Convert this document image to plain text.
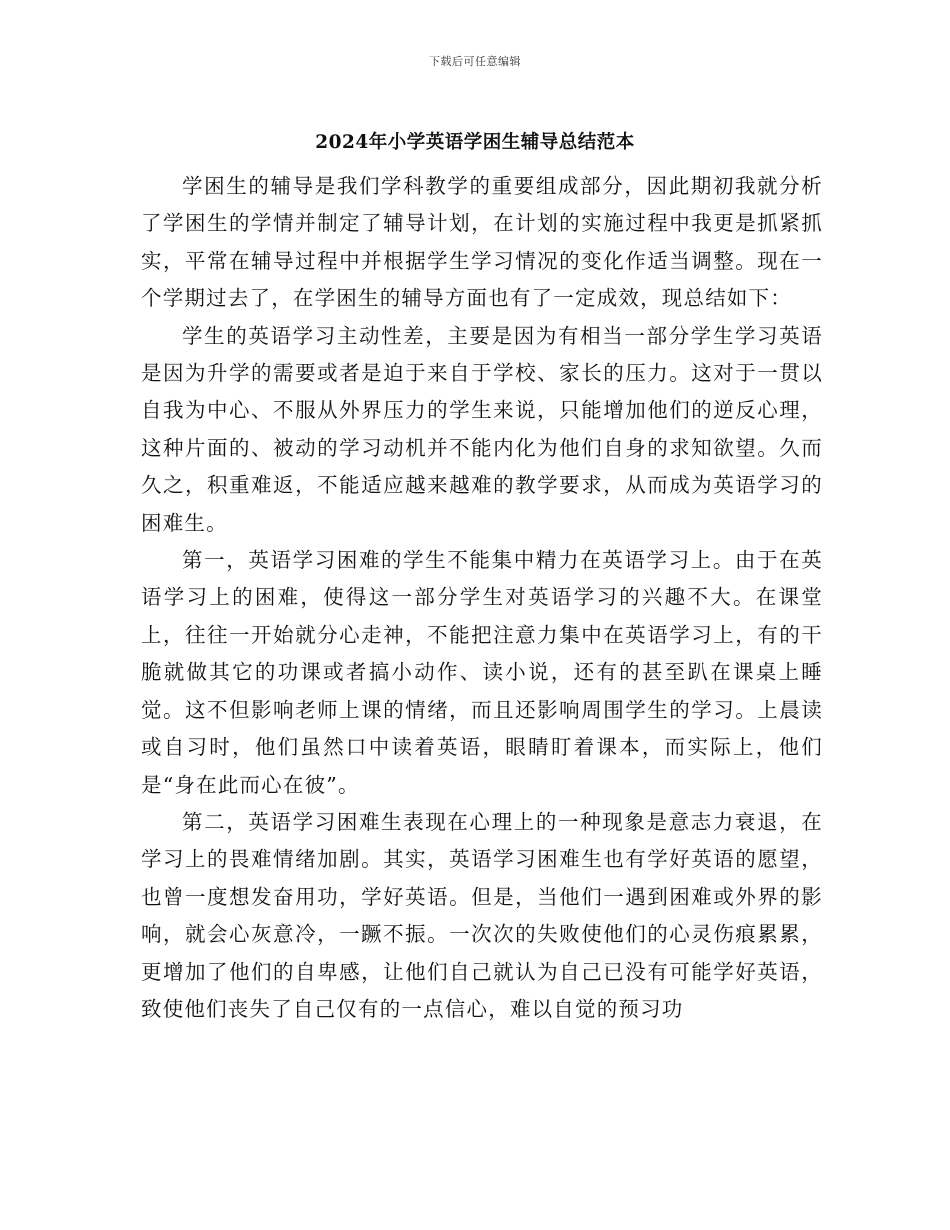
下载后可任意编辑
2024年小学英语学困生辅导总结范本

学困生的辅导是我们学科教学的重要组成部分，因此期初我就分析了学困生的学情并制定了辅导计划，在计划的实施过程中我更是抓紧抓实，平常在辅导过程中并根据学生学习情况的变化作适当调整。现在一个学期过去了，在学困生的辅导方面也有了一定成效，现总结如下：

学生的英语学习主动性差，主要是因为有相当一部分学生学习英语是因为升学的需要或者是迫于来自于学校、家长的压力。这对于一贯以自我为中心、不服从外界压力的学生来说，只能增加他们的逆反心理，这种片面的、被动的学习动机并不能内化为他们自身的求知欲望。久而久之，积重难返，不能适应越来越难的教学要求，从而成为英语学习的困难生。

第一，英语学习困难的学生不能集中精力在英语学习上。由于在英语学习上的困难，使得这一部分学生对英语学习的兴趣不大。在课堂上，往往一开始就分心走神，不能把注意力集中在英语学习上，有的干脆就做其它的功课或者搞小动作、读小说，还有的甚至趴在课桌上睡觉。这不但影响老师上课的情绪，而且还影响周围学生的学习。上晨读或自习时，他们虽然口中读着英语，眼睛盯着课本，而实际上，他们是“身在此而心在彼”。

第二，英语学习困难生表现在心理上的一种现象是意志力衰退，在学习上的畏难情绪加剧。其实，英语学习困难生也有学好英语的愿望，也曾一度想发奋用功，学好英语。但是，当他们一遇到困难或外界的影响，就会心灰意冷，一蹶不振。一次次的失败使他们的心灵伤痕累累，更增加了他们的自卑感，让他们自己就认为自己已没有可能学好英语，致使他们丧失了自己仅有的一点信心，难以自觉的预习功
